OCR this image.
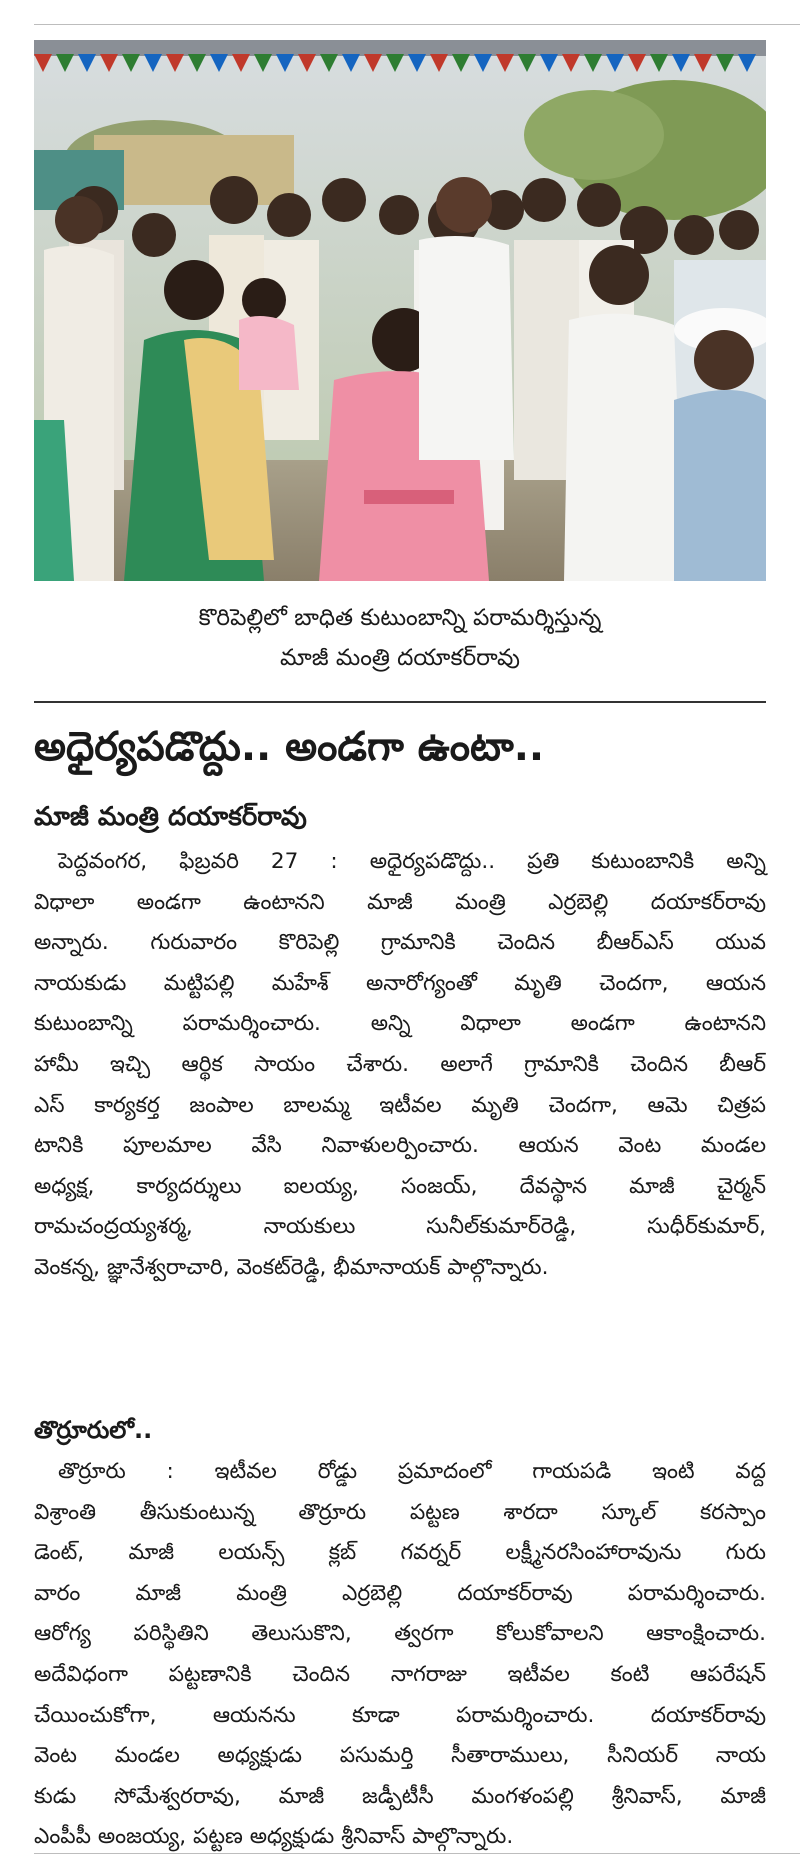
కొరిపెల్లిలో బాధిత కుటుంబాన్ని పరామర్శిస్తున్న
మాజీ మంత్రి దయాకర్‌రావు
అధైర్యపడొద్దు.. అండగా ఉంటా..
మాజీ మంత్రి దయాకర్‌రావు
పెద్దవంగర, ఫిబ్రవరి 27 : అధైర్యపడొద్దు.. ప్రతి కుటుంబానికి అన్ని
విధాలా అండగా ఉంటానని మాజీ మంత్రి ఎర్రబెల్లి దయాకర్‌రావు
అన్నారు. గురువారం కొరిపెల్లి గ్రామానికి చెందిన బీఆర్‌ఎస్ యువ
నాయకుడు మట్టిపల్లి మహేశ్ అనారోగ్యంతో మృతి చెందగా, ఆయన
కుటుంబాన్ని పరామర్శించారు. అన్ని విధాలా అండగా ఉంటానని
హామీ ఇచ్చి ఆర్థిక సాయం చేశారు. అలాగే గ్రామానికి చెందిన బీఆర్
ఎస్ కార్యకర్త జంపాల బాలమ్మ ఇటీవల మృతి చెందగా, ఆమె చిత్రప
టానికి పూలమాల వేసి నివాళులర్పించారు. ఆయన వెంట మండల
అధ్యక్ష, కార్యదర్శులు ఐలయ్య, సంజయ్, దేవస్థాన మాజీ చైర్మన్
రామచంద్రయ్యశర్మ, నాయకులు సునీల్‌కుమార్‌రెడ్డి, సుధీర్‌కుమార్,
వెంకన్న, జ్ఞానేశ్వరాచారి, వెంకట్‌రెడ్డి, భీమానాయక్ పాల్గొన్నారు.
తొర్రూరులో..
తొర్రూరు : ఇటీవల రోడ్డు ప్రమాదంలో గాయపడి ఇంటి వద్ద
విశ్రాంతి తీసుకుంటున్న తొర్రూరు పట్టణ శారదా స్కూల్ కరస్పాం
డెంట్, మాజీ లయన్స్ క్లబ్ గవర్నర్ లక్ష్మీనరసింహారావును గురు
వారం మాజీ మంత్రి ఎర్రబెల్లి దయాకర్‌రావు పరామర్శించారు.
ఆరోగ్య పరిస్థితిని తెలుసుకొని, త్వరగా కోలుకోవాలని ఆకాంక్షించారు.
అదేవిధంగా పట్టణానికి చెందిన నాగరాజు ఇటీవల కంటి ఆపరేషన్
చేయించుకోగా, ఆయనను కూడా పరామర్శించారు. దయాకర్‌రావు
వెంట మండల అధ్యక్షుడు పసుమర్తి సీతారాములు, సీనియర్ నాయ
కుడు సోమేశ్వరరావు, మాజీ జడ్పీటీసీ మంగళంపల్లి శ్రీనివాస్, మాజీ
ఎంపీపీ అంజయ్య, పట్టణ అధ్యక్షుడు శ్రీనివాస్ పాల్గొన్నారు.
